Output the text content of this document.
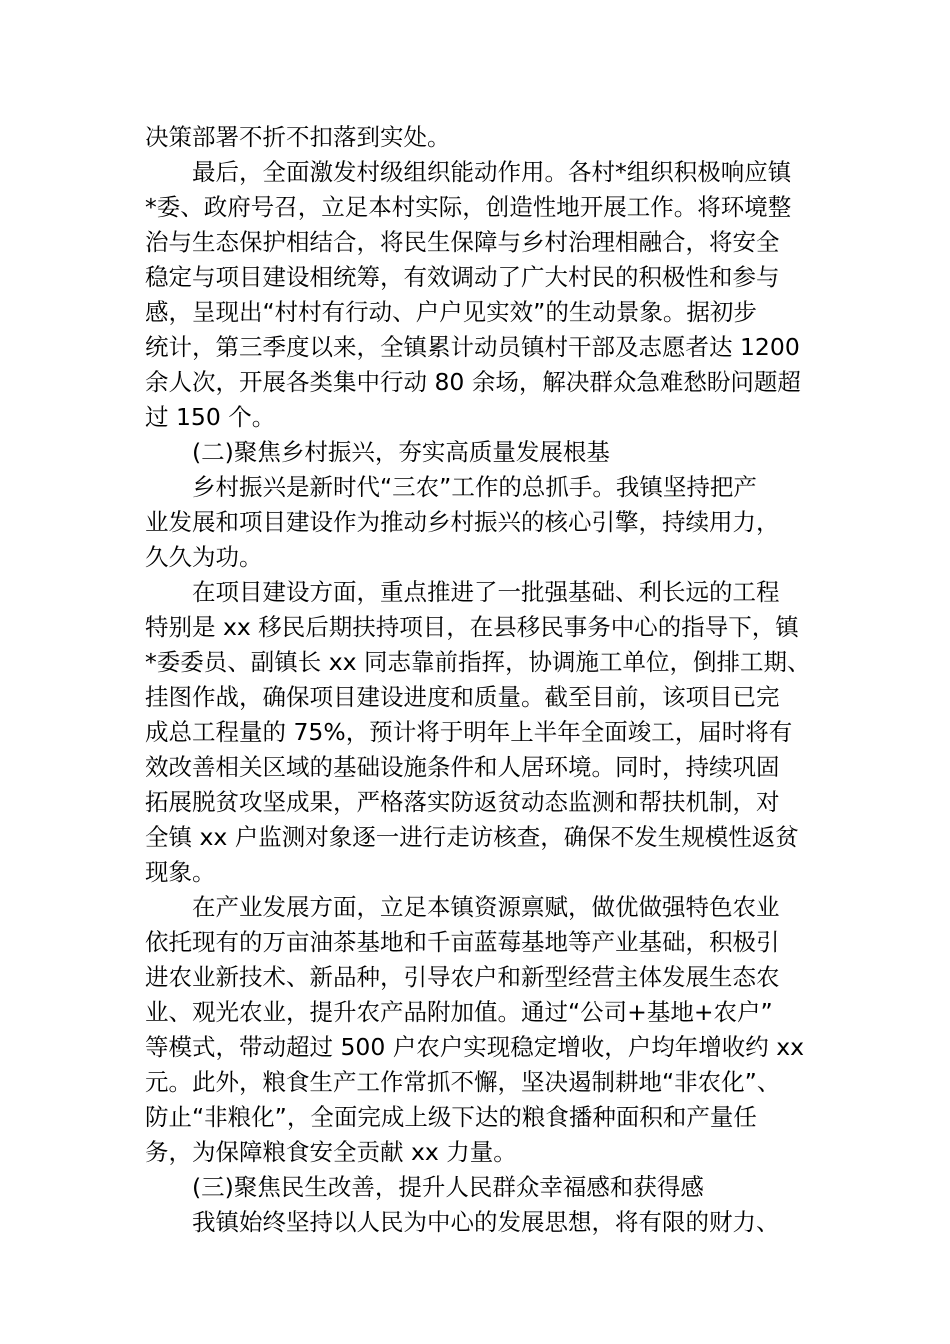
决策部署不折不扣落到实处。

最后，全面激发村级组织能动作用。各村*组织积极响应镇

*委、政府号召，立足本村实际，创造性地开展工作。将环境整

治与生态保护相结合，将民生保障与乡村治理相融合，将安全

稳定与项目建设相统筹，有效调动了广大村民的积极性和参与

感，呈现出“村村有行动、户户见实效”的生动景象。据初步

统计，第三季度以来，全镇累计动员镇村干部及志愿者达 1200

余人次，开展各类集中行动 80 余场，解决群众急难愁盼问题超

过 150 个。

(二)聚焦乡村振兴，夯实高质量发展根基

乡村振兴是新时代“三农”工作的总抓手。我镇坚持把产

业发展和项目建设作为推动乡村振兴的核心引擎，持续用力，

久久为功。

在项目建设方面，重点推进了一批强基础、利长远的工程

特别是 xx 移民后期扶持项目，在县移民事务中心的指导下，镇

*委委员、副镇长 xx 同志靠前指挥，协调施工单位，倒排工期、

挂图作战，确保项目建设进度和质量。截至目前，该项目已完

成总工程量的 75%，预计将于明年上半年全面竣工，届时将有

效改善相关区域的基础设施条件和人居环境。同时，持续巩固

拓展脱贫攻坚成果，严格落实防返贫动态监测和帮扶机制，对

全镇 xx 户监测对象逐一进行走访核查，确保不发生规模性返贫

现象。

在产业发展方面，立足本镇资源禀赋，做优做强特色农业

依托现有的万亩油茶基地和千亩蓝莓基地等产业基础，积极引

进农业新技术、新品种，引导农户和新型经营主体发展生态农

业、观光农业，提升农产品附加值。通过“公司+基地+农户”

等模式，带动超过 500 户农户实现稳定增收，户均年增收约 xx

元。此外，粮食生产工作常抓不懈，坚决遏制耕地“非农化”、

防止“非粮化”，全面完成上级下达的粮食播种面积和产量任

务，为保障粮食安全贡献 xx 力量。

(三)聚焦民生改善，提升人民群众幸福感和获得感

我镇始终坚持以人民为中心的发展思想，将有限的财力、
